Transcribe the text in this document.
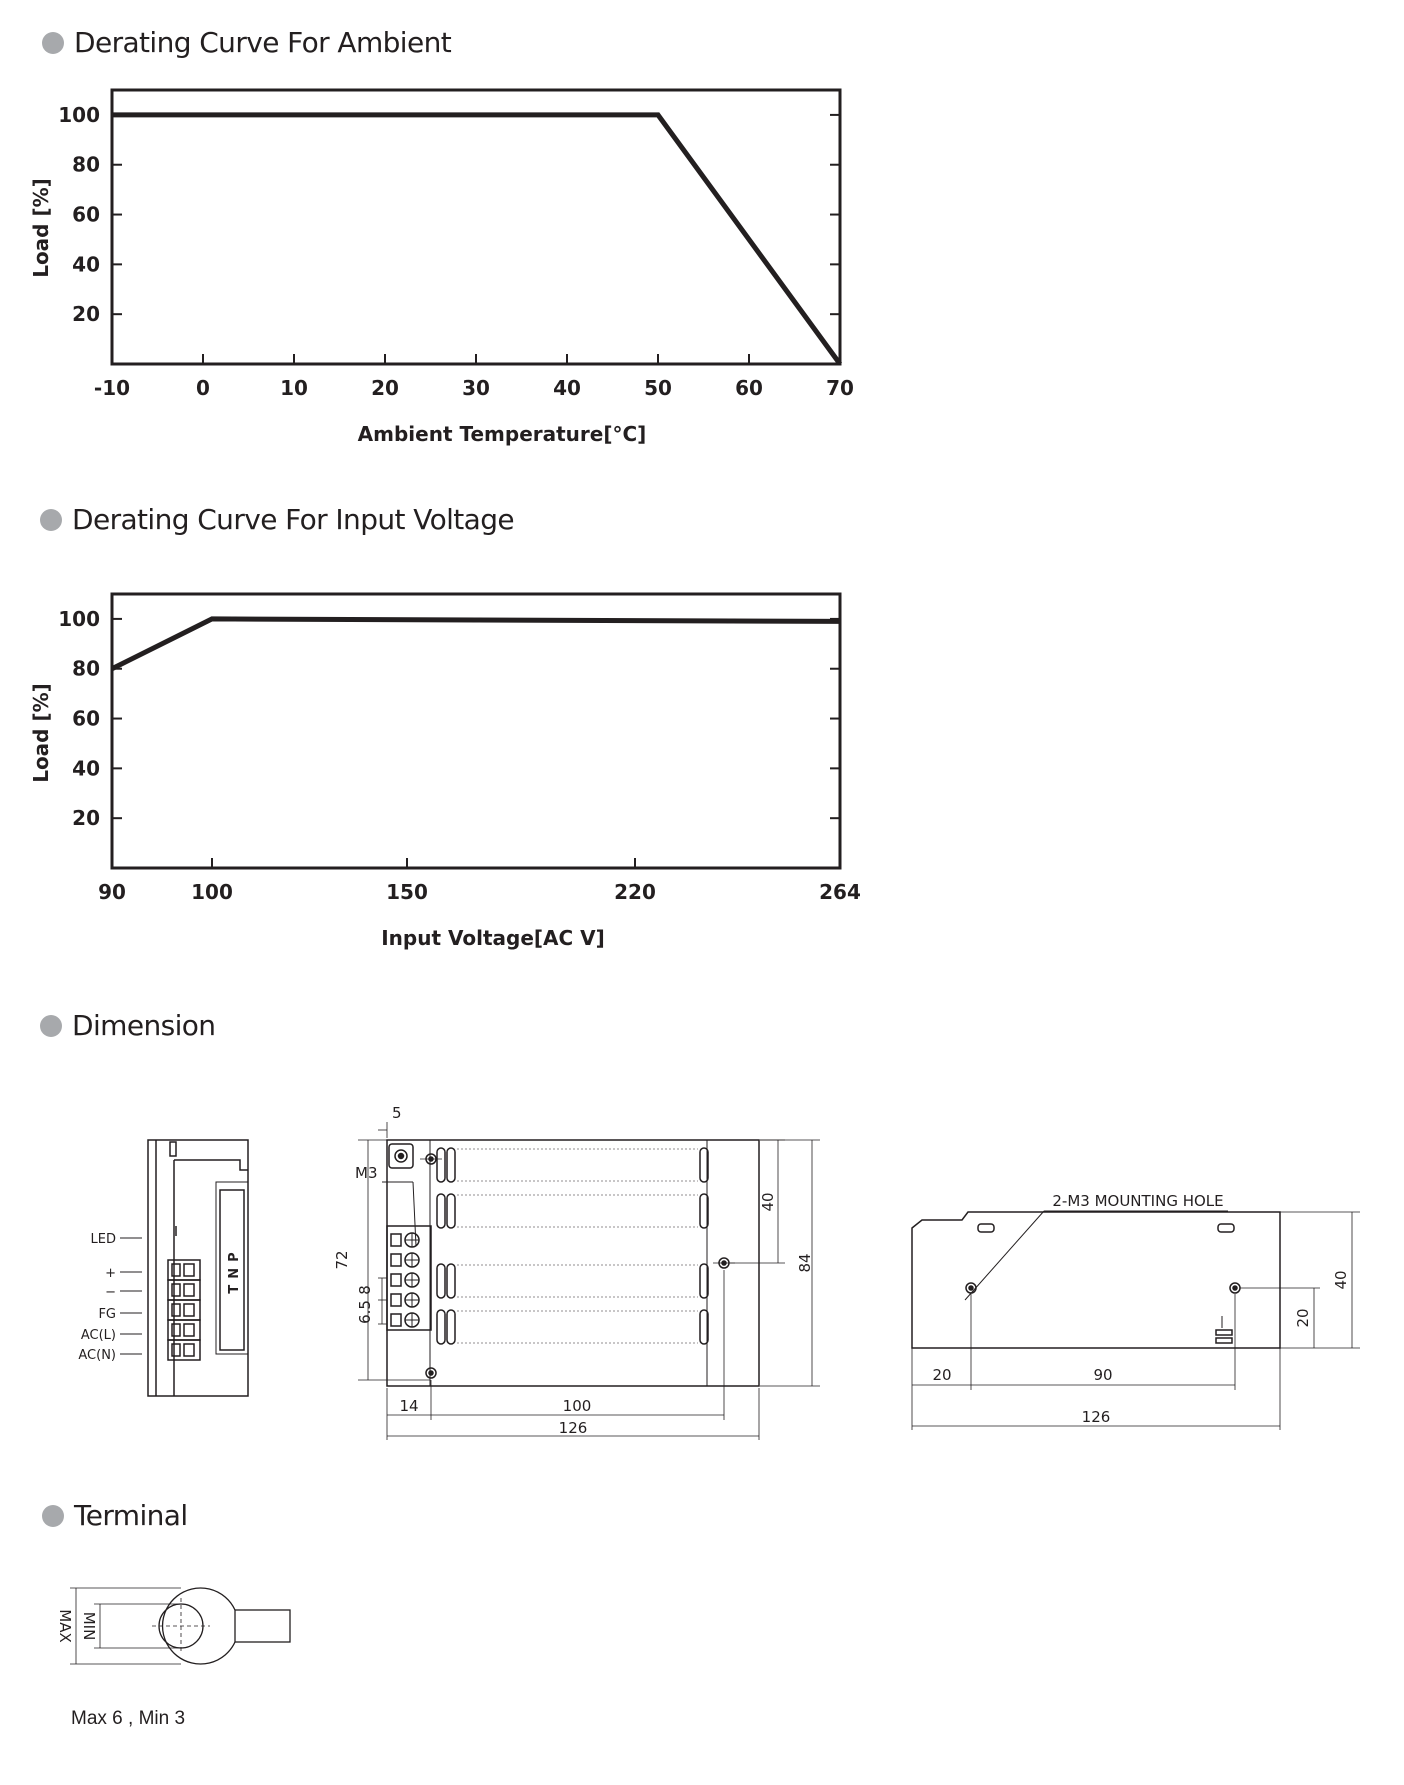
Derating Curve For Ambient
-10	0	10	20	30	40	50	60	70
20
40
60
80
100
Load [%]
Ambient Temperature[°C]
Derating Curve For Input Voltage
90	100	150	220	264
20
40
60
80
100
Load [%]
Input Voltage[AC V]
Dimension
TNP
LED
+
−
FG
AC(L)
AC(N)
5
M3
72
8
6.5
40
84
14	100
126
2-M3 MOUNTING HOLE
20	90
126
20
40
Terminal
MAX MIN
Max 6 , Min 3
